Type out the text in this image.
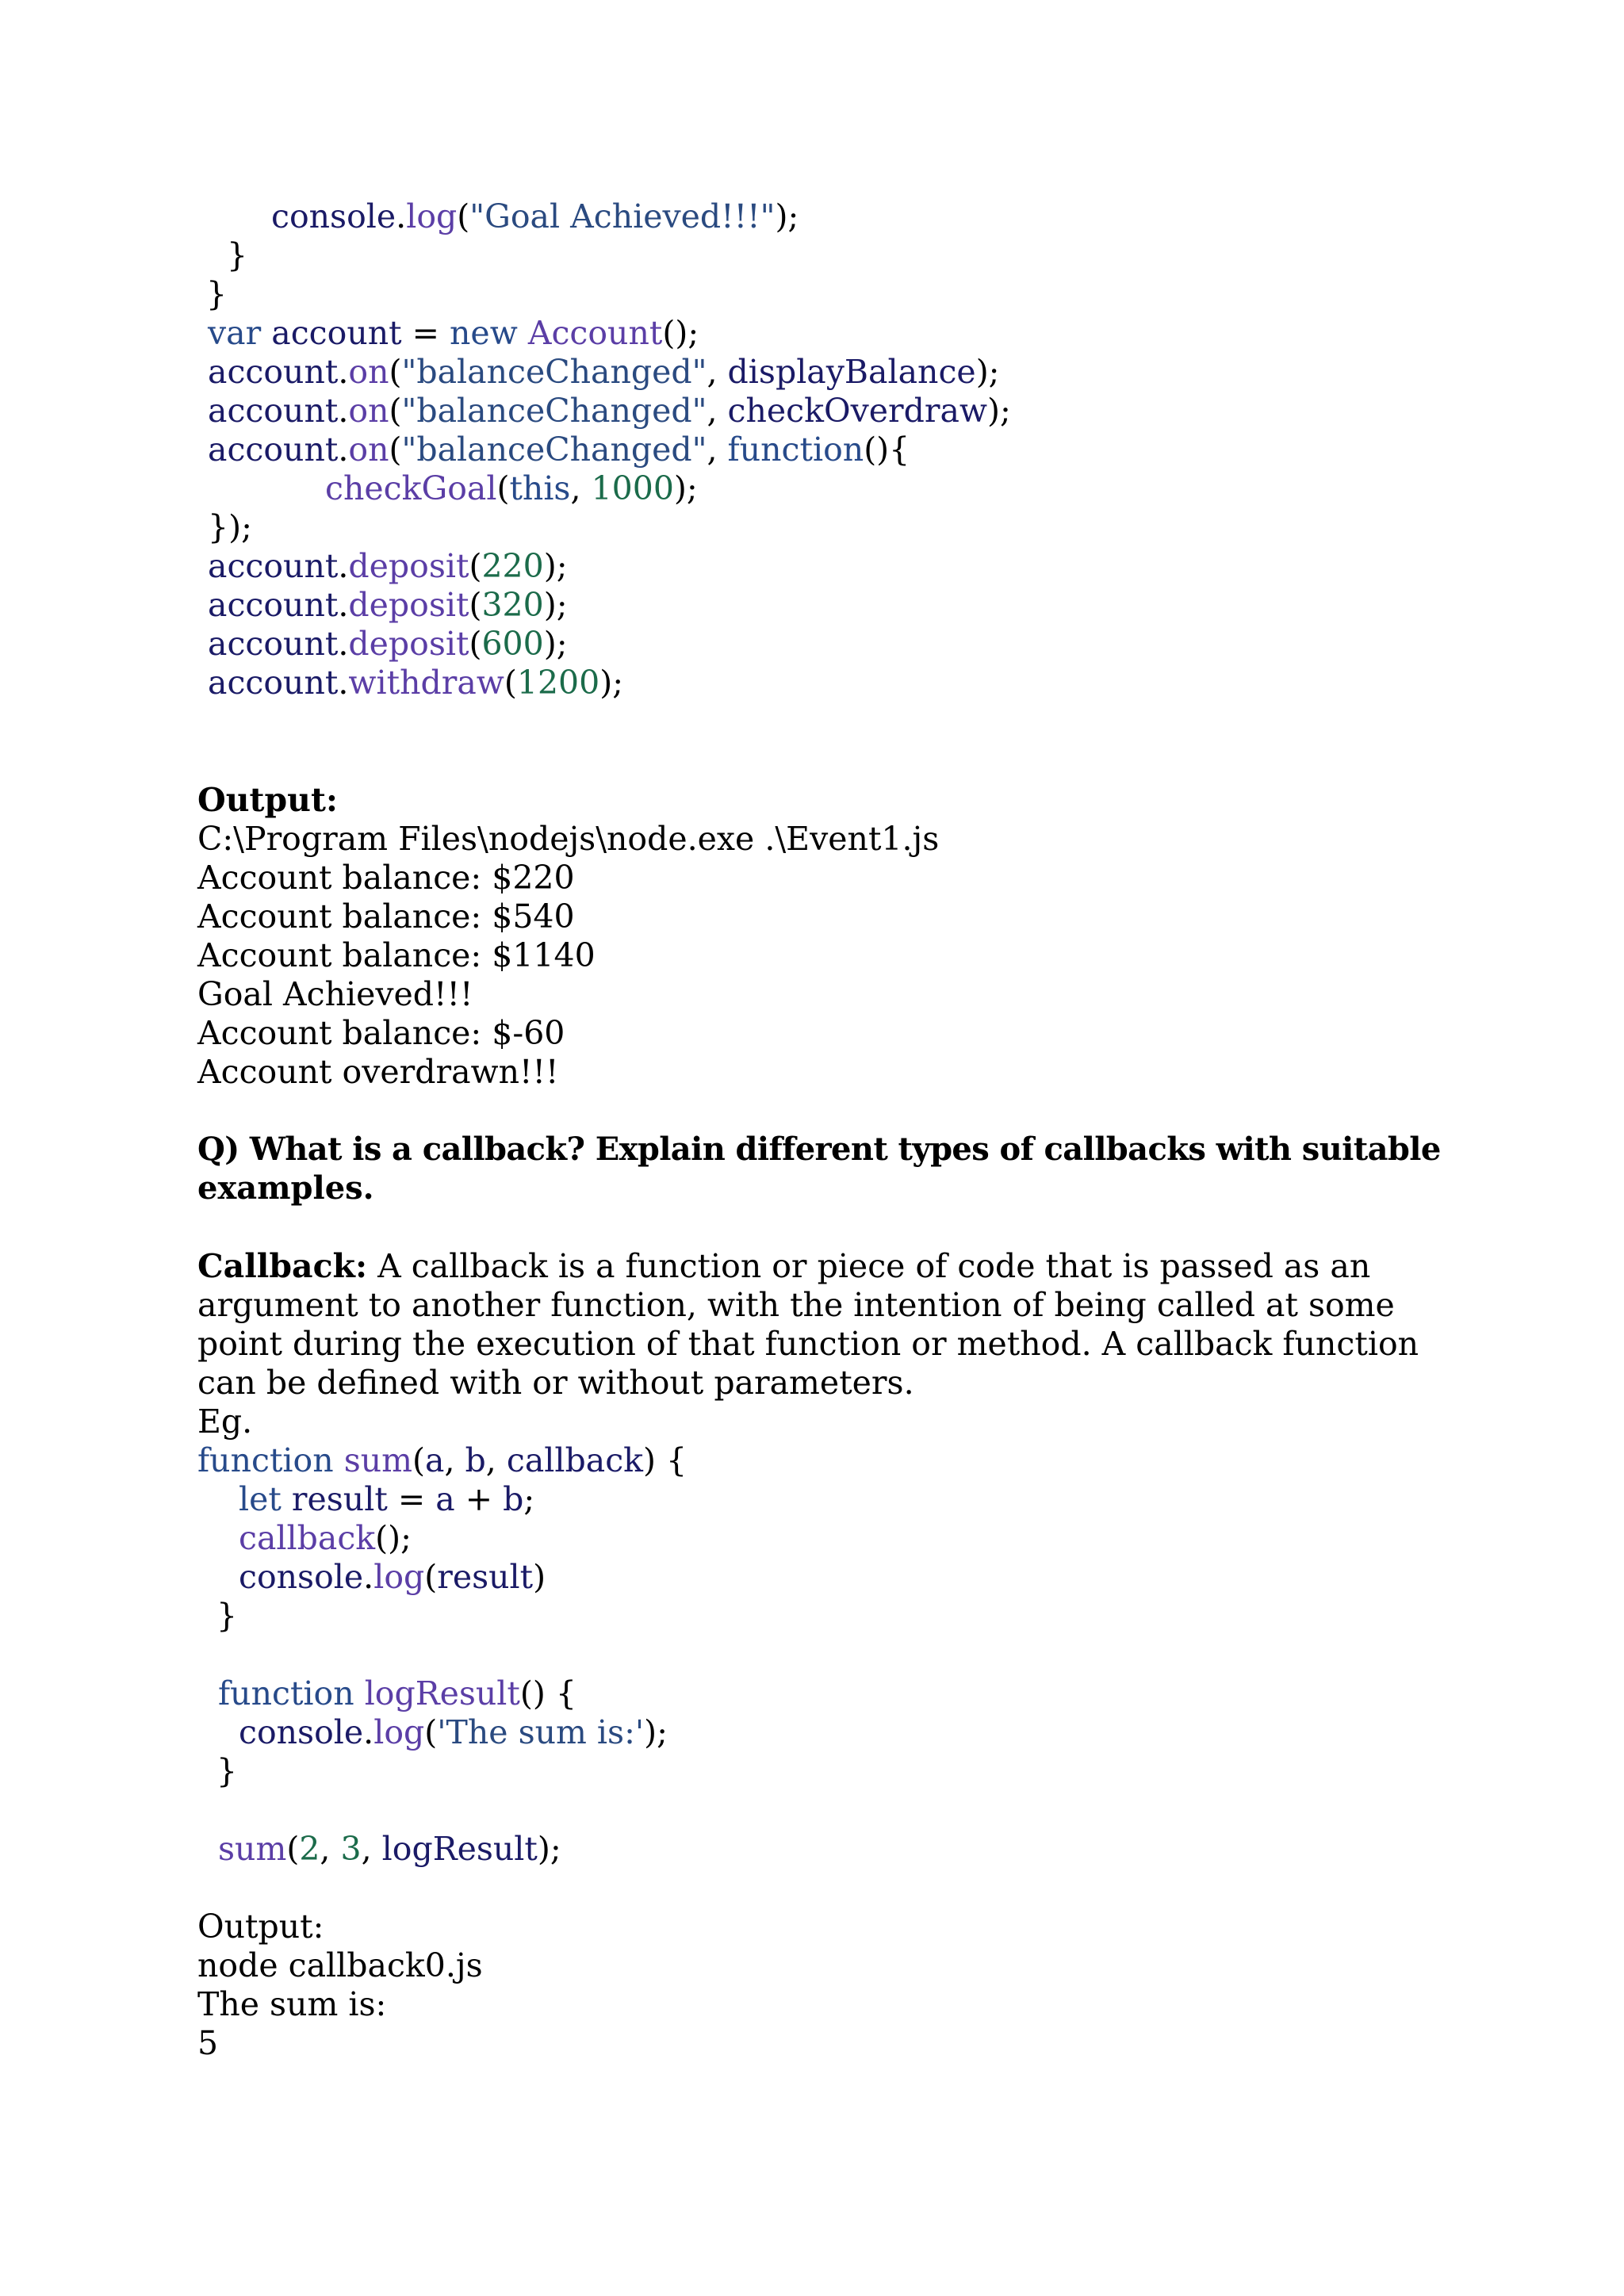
console.log("Goal Achieved!!!");
}
}
var account = new Account();
account.on("balanceChanged", displayBalance);
account.on("balanceChanged", checkOverdraw);
account.on("balanceChanged", function(){
checkGoal(this, 1000);
});
account.deposit(220);
account.deposit(320);
account.deposit(600);
account.withdraw(1200);
Output:
C:\Program Files\nodejs\node.exe .\Event1.js
Account balance: $220
Account balance: $540
Account balance: $1140
Goal Achieved!!!
Account balance: $-60
Account overdrawn!!!
Q) What is a callback? Explain different types of callbacks with suitable
examples.

Callback: A callback is a function or piece of code that is passed as an argument to another function, with the intention of being called at some point during the execution of that function or method. A callback function can be defined with or without parameters.

Eg.
function sum(a, b, callback) {
let result = a + b;
callback();
console.log(result)
}
function logResult() {
console.log('The sum is:');
}
sum(2, 3, logResult);
Output:
node callback0.js
The sum is:
5
